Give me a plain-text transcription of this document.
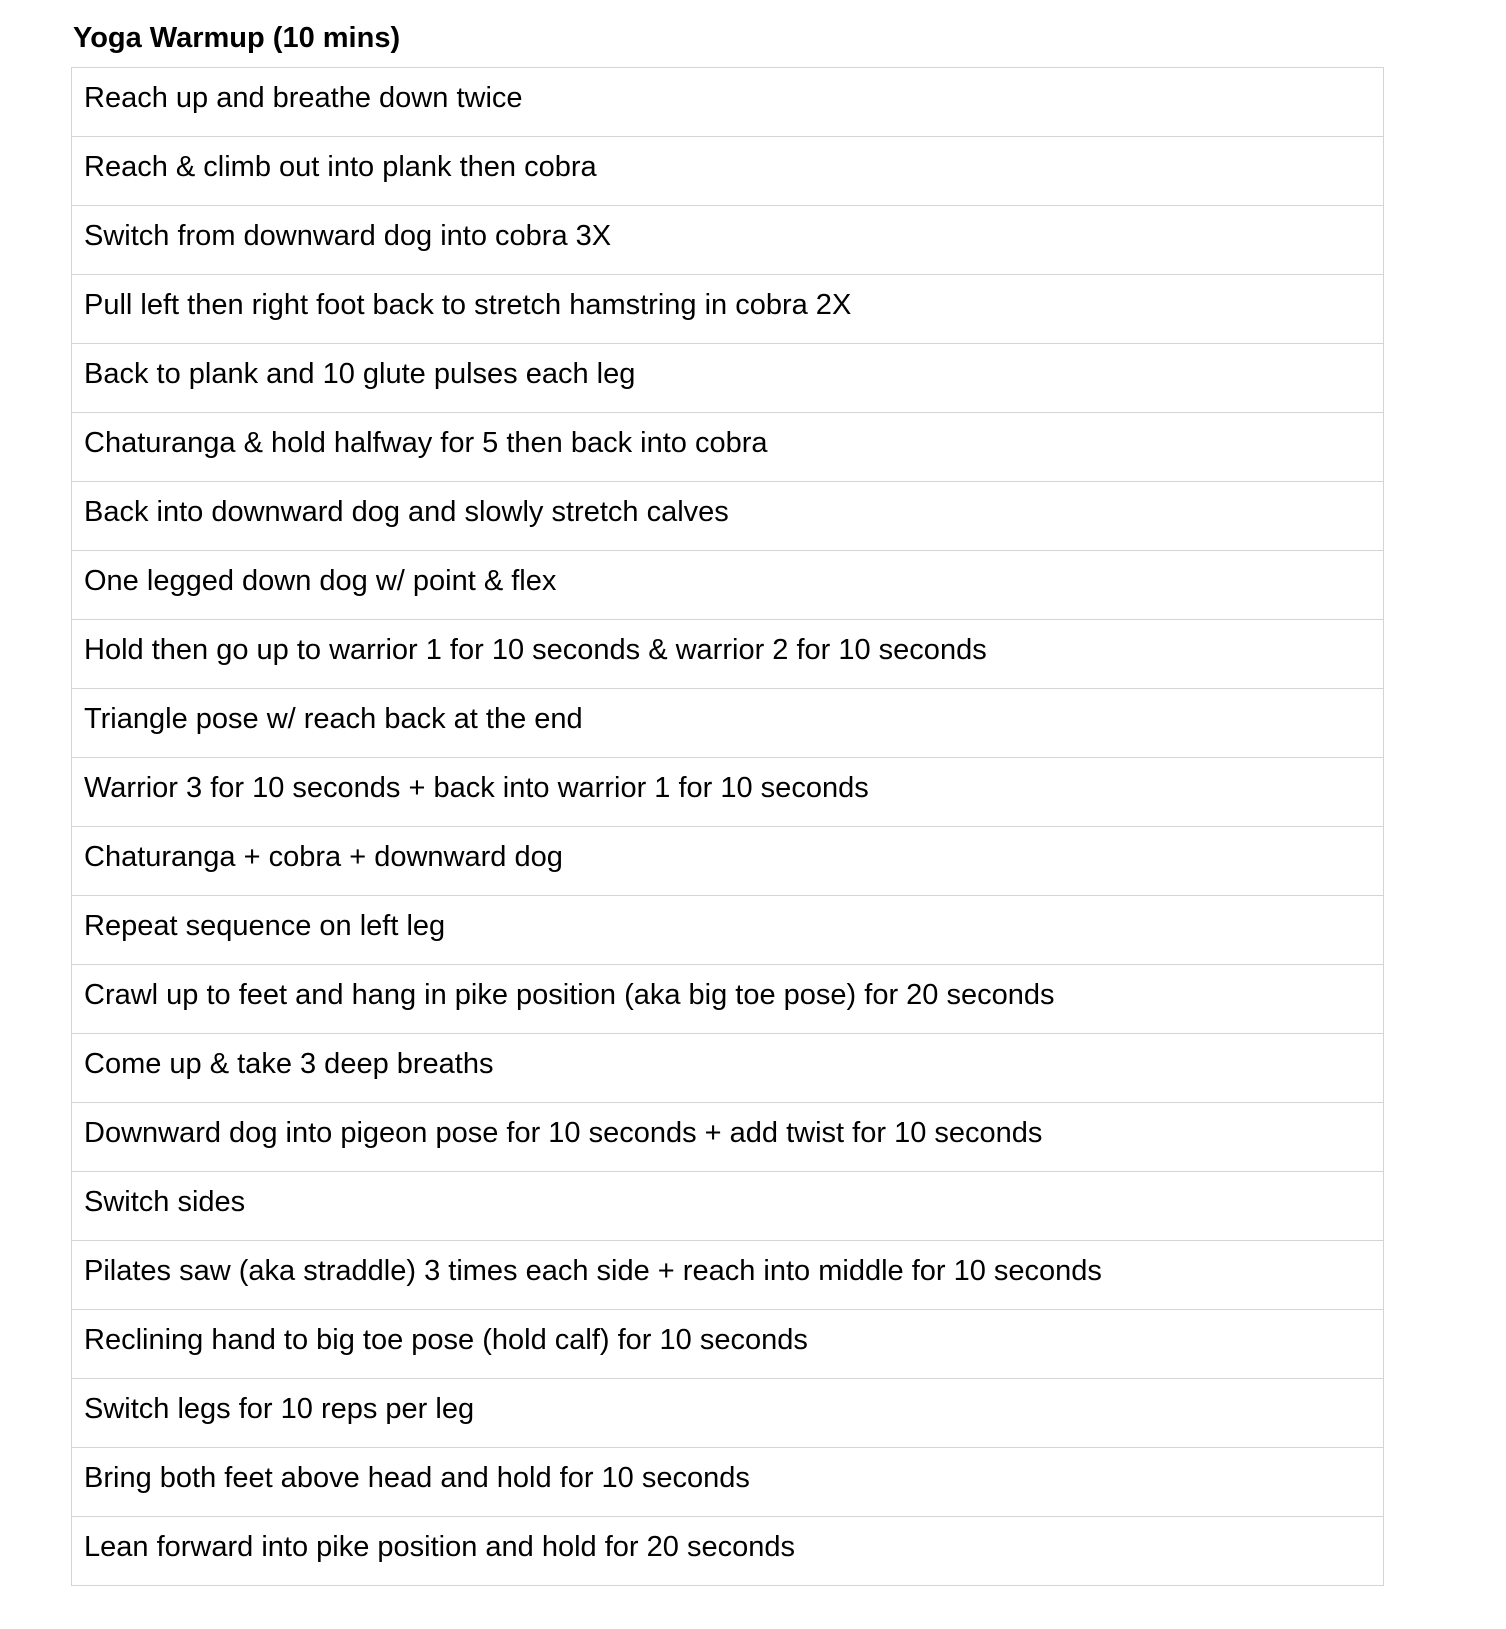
Yoga Warmup (10 mins)
Reach up and breathe down twice

Reach & climb out into plank then cobra

Switch from downward dog into cobra 3X

Pull left then right foot back to stretch hamstring in cobra 2X

Back to plank and 10 glute pulses each leg

Chaturanga & hold halfway for 5 then back into cobra

Back into downward dog and slowly stretch calves

One legged down dog w/ point & flex

Hold then go up to warrior 1 for 10 seconds & warrior 2 for 10 seconds

Triangle pose w/ reach back at the end

Warrior 3 for 10 seconds + back into warrior 1 for 10 seconds

Chaturanga + cobra + downward dog

Repeat sequence on left leg

Crawl up to feet and hang in pike position (aka big toe pose) for 20 seconds

Come up & take 3 deep breaths

Downward dog into pigeon pose for 10 seconds + add twist for 10 seconds

Switch sides

Pilates saw (aka straddle) 3 times each side + reach into middle for 10 seconds

Reclining hand to big toe pose (hold calf) for 10 seconds

Switch legs for 10 reps per leg

Bring both feet above head and hold for 10 seconds

Lean forward into pike position and hold for 20 seconds
